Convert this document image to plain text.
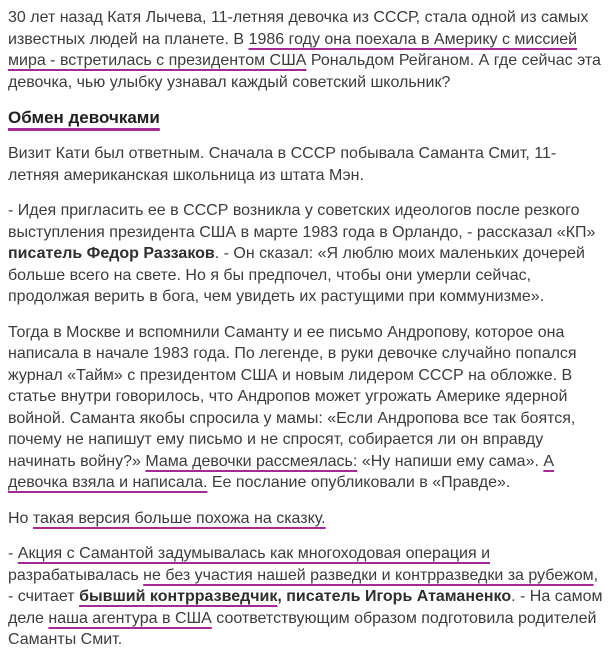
30 лет назад Катя Лычева, 11-летняя девочка из СССР, стала одной из самых известных людей на планете. В 1986 году она поехала в Америку с миссией мира - встретилась с президентом США Рональдом Рейганом. А где сейчас эта девочка, чью улыбку узнавал каждый советский школьник?

Обмен девочками

Визит Кати был ответным. Сначала в СССР побывала Саманта Смит, 11-летняя американская школьница из штата Мэн.

- Идея пригласить ее в СССР возникла у советских идеологов после резкого выступления президента США в марте 1983 года в Орландо, - рассказал «КП» писатель Федор Раззаков. - Он сказал: «Я люблю моих маленьких дочерей больше всего на свете. Но я бы предпочел, чтобы они умерли сейчас, продолжая верить в бога, чем увидеть их растущими при коммунизме».

Тогда в Москве и вспомнили Саманту и ее письмо Андропову, которое она написала в начале 1983 года. По легенде, в руки девочке случайно попался журнал «Тайм» с президентом США и новым лидером СССР на обложке. В статье внутри говорилось, что Андропов может угрожать Америке ядерной войной. Саманта якобы спросила у мамы: «Если Андропова все так боятся, почему не напишут ему письмо и не спросят, собирается ли он вправду начинать войну?» Мама девочки рассмеялась: «Ну напиши ему сама». А девочка взяла и написала. Ее послание опубликовали в «Правде».

Но такая версия больше похожа на сказку.

- Акция с Самантой задумывалась как многоходовая операция и разрабатывалась не без участия нашей разведки и контрразведки за рубежом, - считает бывший контрразведчик, писатель Игорь Атаманенко. - На самом деле наша агентура в США соответствующим образом подготовила родителей Саманты Смит.
